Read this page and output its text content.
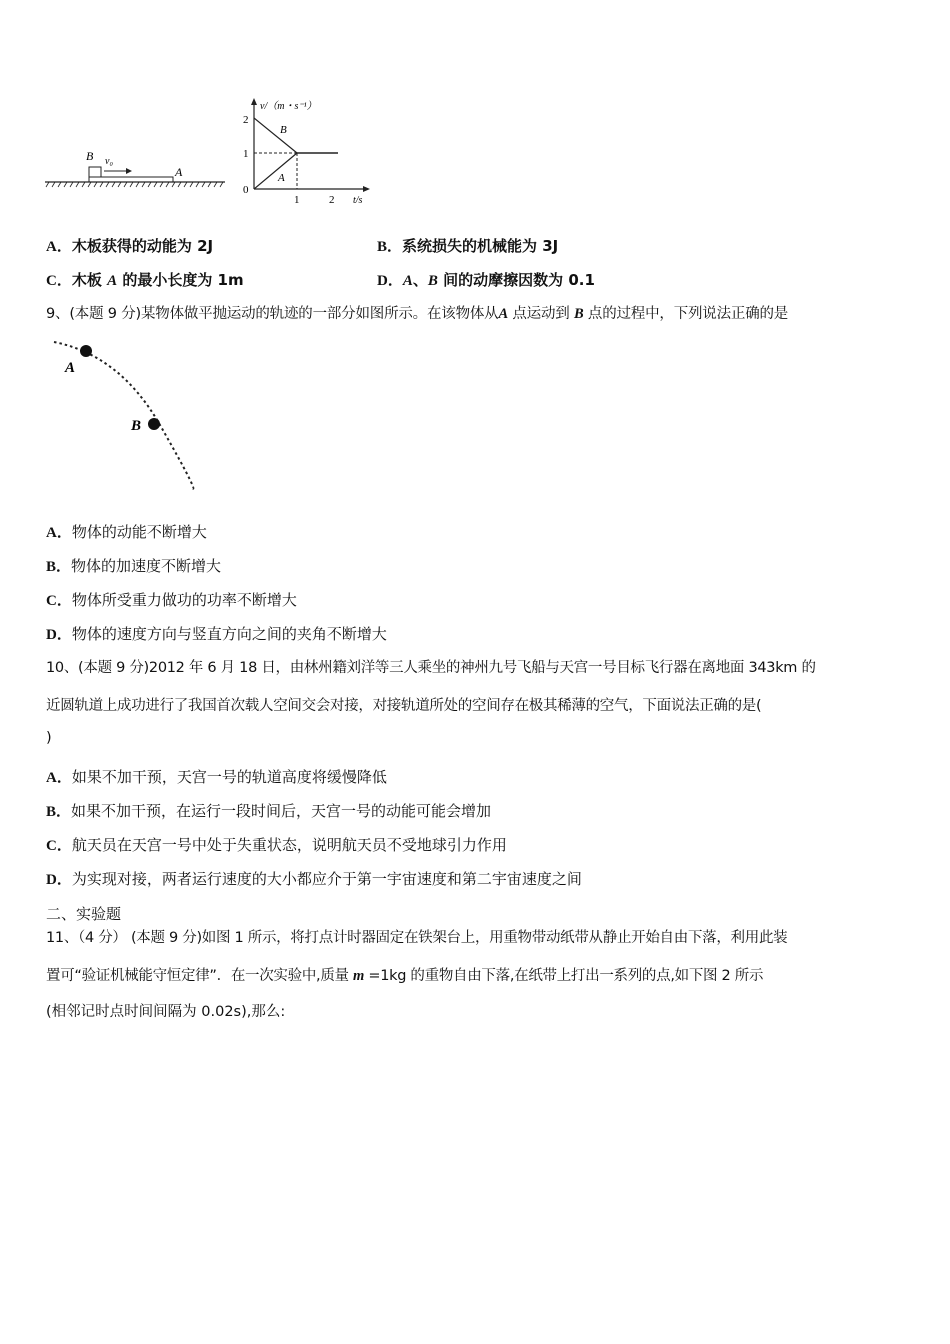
B v₀
A
v/（m・s⁻¹）
t/s
2
1
0
1	2
B
A
A．木板获得的动能为 2J	B．系统损失的机械能为 3J
C．木板 A 的最小长度为 1m	D．A、B 间的动摩擦因数为 0.1
9、(本题 9 分)某物体做平抛运动的轨迹的一部分如图所示。在该物体从A 点运动到 B 点的过程中，下列说法正确的是
A
B
A．物体的动能不断增大
B．物体的加速度不断增大
C．物体所受重力做功的功率不断增大
D．物体的速度方向与竖直方向之间的夹角不断增大
10、(本题 9 分)2012 年 6 月 18 日，由林州籍刘洋等三人乘坐的神州九号飞船与天宫一号目标飞行器在离地面 343km 的
近圆轨道上成功进行了我国首次载人空间交会对接，对接轨道所处的空间存在极其稀薄的空气，下面说法正确的是(
)
A．如果不加干预，天宫一号的轨道高度将缓慢降低
B．如果不加干预，在运行一段时间后，天宫一号的动能可能会增加
C．航天员在天宫一号中处于失重状态，说明航天员不受地球引力作用
D．为实现对接，两者运行速度的大小都应介于第一宇宙速度和第二宇宙速度之间
二、实验题
11、（4 分） (本题 9 分)如图 1 所示，将打点计时器固定在铁架台上，用重物带动纸带从静止开始自由下落，利用此装
置可“验证机械能守恒定律”．在一次实验中,质量 m =1kg 的重物自由下落,在纸带上打出一系列的点,如下图 2 所示
(相邻记时点时间间隔为 0.02s),那么:
